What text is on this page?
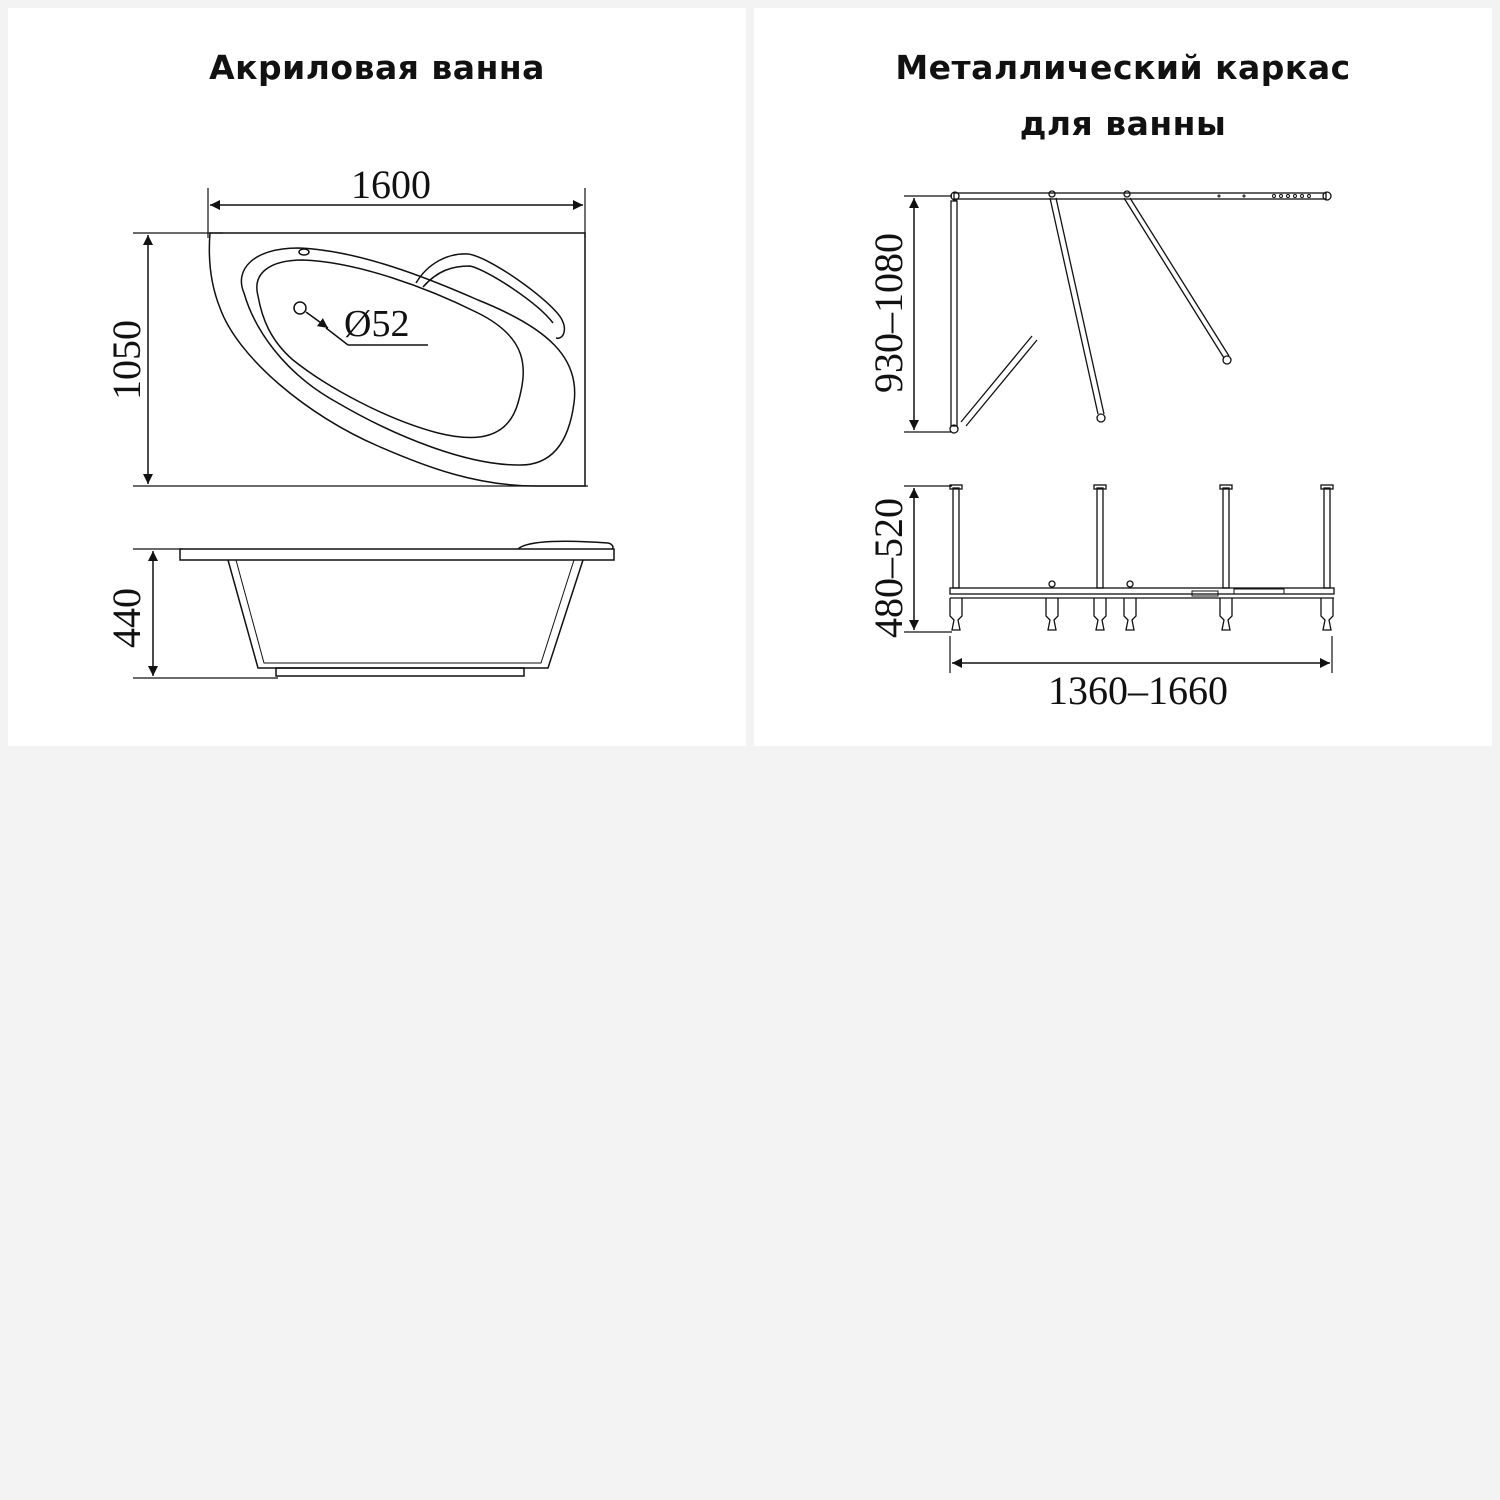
Акриловая ванна
1600
1050	Ø52
440
Металлический каркас
для ванны
930–1080
480–520
1360–1660
